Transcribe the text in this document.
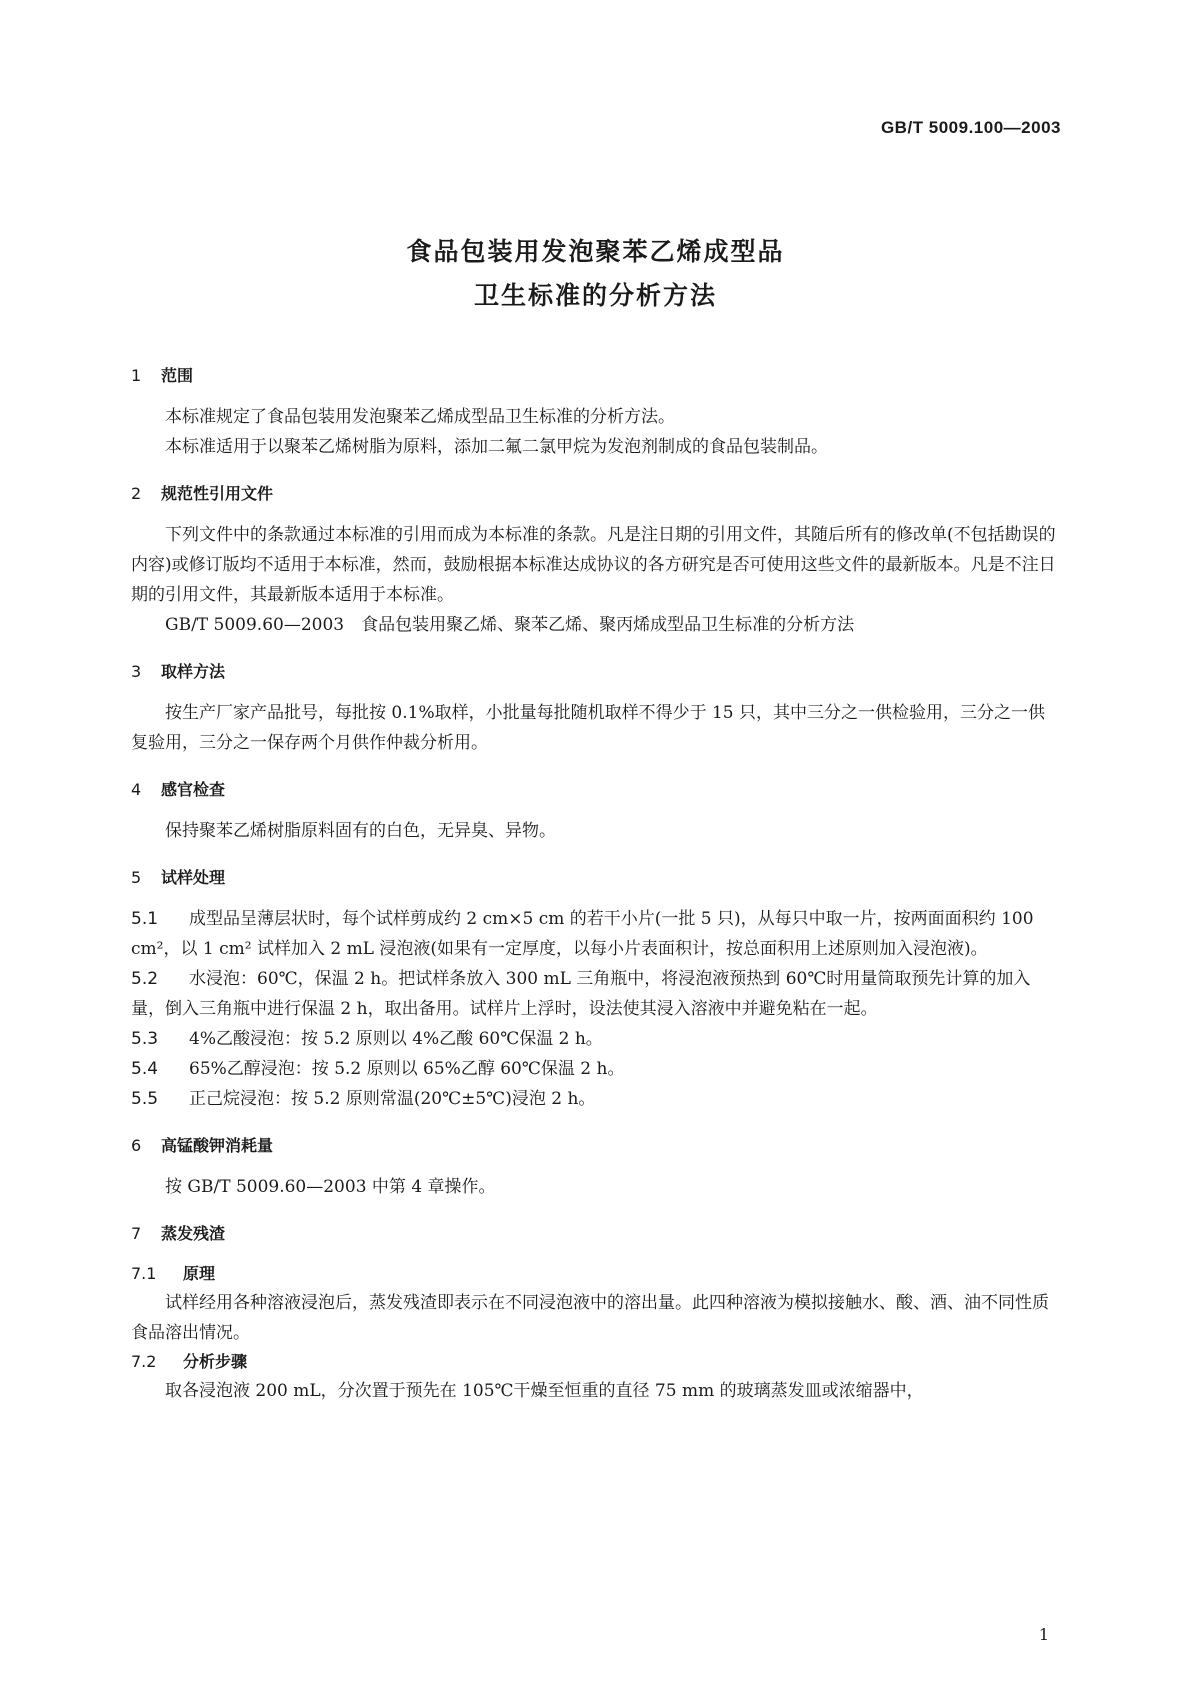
GB/T 5009.100—2003
食品包装用发泡聚苯乙烯成型品
卫生标准的分析方法
1 范围
本标准规定了食品包装用发泡聚苯乙烯成型品卫生标准的分析方法。
本标准适用于以聚苯乙烯树脂为原料，添加二氟二氯甲烷为发泡剂制成的食品包装制品。
2 规范性引用文件
下列文件中的条款通过本标准的引用而成为本标准的条款。凡是注日期的引用文件，其随后所有的修改单(不包括勘误的内容)或修订版均不适用于本标准，然而，鼓励根据本标准达成协议的各方研究是否可使用这些文件的最新版本。凡是不注日期的引用文件，其最新版本适用于本标准。
GB/T 5009.60—2003　食品包装用聚乙烯、聚苯乙烯、聚丙烯成型品卫生标准的分析方法
3 取样方法
按生产厂家产品批号，每批按 0.1%取样，小批量每批随机取样不得少于 15 只，其中三分之一供检验用，三分之一供复验用，三分之一保存两个月供作仲裁分析用。
4 感官检查
保持聚苯乙烯树脂原料固有的白色，无异臭、异物。
5 试样处理
5.1 成型品呈薄层状时，每个试样剪成约 2 cm×5 cm 的若干小片(一批 5 只)，从每只中取一片，按两面面积约 100 cm²，以 1 cm² 试样加入 2 mL 浸泡液(如果有一定厚度，以每小片表面积计，按总面积用上述原则加入浸泡液)。
5.2 水浸泡：60℃，保温 2 h。把试样条放入 300 mL 三角瓶中，将浸泡液预热到 60℃时用量筒取预先计算的加入量，倒入三角瓶中进行保温 2 h，取出备用。试样片上浮时，设法使其浸入溶液中并避免粘在一起。
5.3 4%乙酸浸泡：按 5.2 原则以 4%乙酸 60℃保温 2 h。
5.4 65%乙醇浸泡：按 5.2 原则以 65%乙醇 60℃保温 2 h。
5.5 正己烷浸泡：按 5.2 原则常温(20℃±5℃)浸泡 2 h。
6 高锰酸钾消耗量
按 GB/T 5009.60—2003 中第 4 章操作。
7 蒸发残渣
7.1 原理
试样经用各种溶液浸泡后，蒸发残渣即表示在不同浸泡液中的溶出量。此四种溶液为模拟接触水、酸、酒、油不同性质食品溶出情况。
7.2 分析步骤
取各浸泡液 200 mL，分次置于预先在 105℃干燥至恒重的直径 75 mm 的玻璃蒸发皿或浓缩器中，
1
